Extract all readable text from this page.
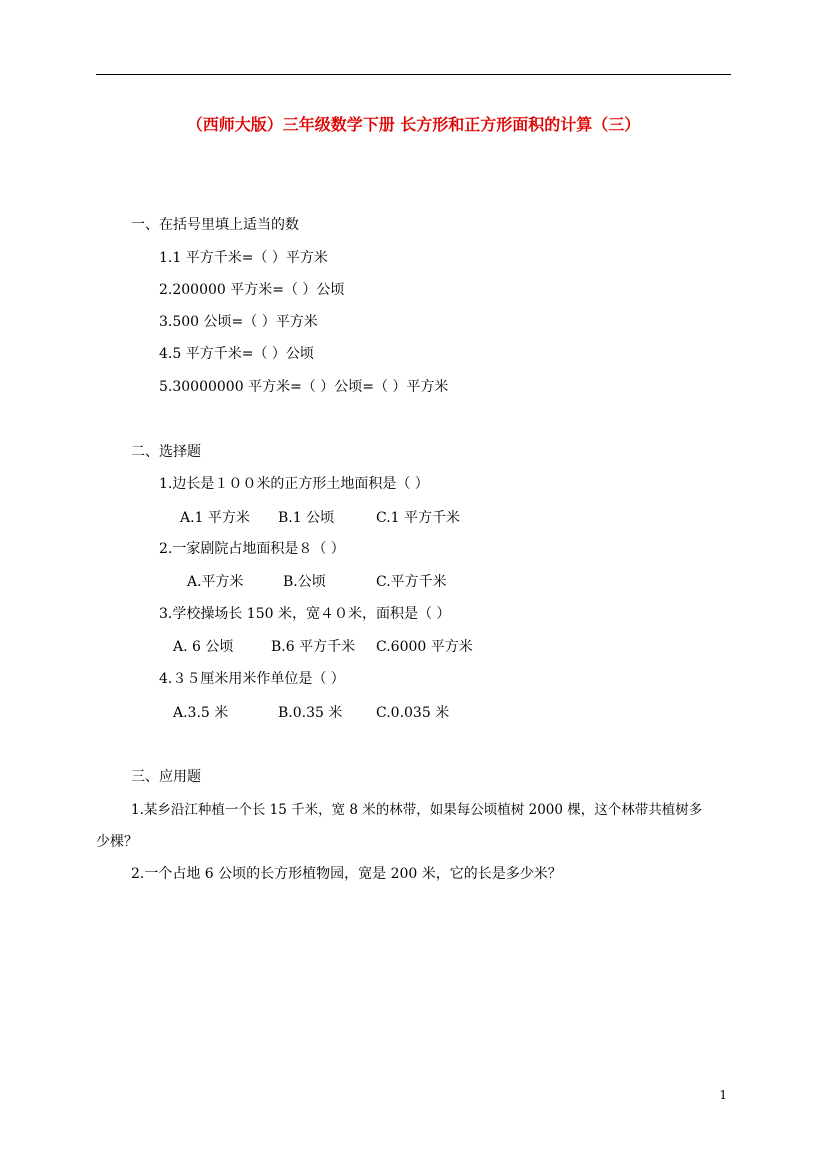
（西师大版）三年级数学下册 长方形和正方形面积的计算（三）
一、在括号里填上适当的数
1.1 平方千米=（ ）平方米
2.200000 平方米=（ ）公顷
3.500 公顷=（ ）平方米
4.5 平方千米=（ ）公顷
5.30000000 平方米=（ ）公顷=（ ）平方米
二、选择题
1.边长是１００米的正方形土地面积是（ ）
A.1 平方米 B.1 公顷	C.1 平方千米
2.一家剧院占地面积是８（ ）
A.平方米	B.公顷	C.平方千米
3.学校操场长 150 米，宽４０米，面积是（ ）
A. 6 公顷	B.6 平方千米 C.6000 平方米
4.３５厘米用米作单位是（ ）
A.3.5 米	B.0.35 米 C.0.035 米
三、应用题
1.某乡沿江种植一个长 15 千米，宽 8 米的林带，如果每公顷植树 2000 棵，这个林带共植树多
少棵？
2.一个占地 6 公顷的长方形植物园，宽是 200 米，它的长是多少米？
1
